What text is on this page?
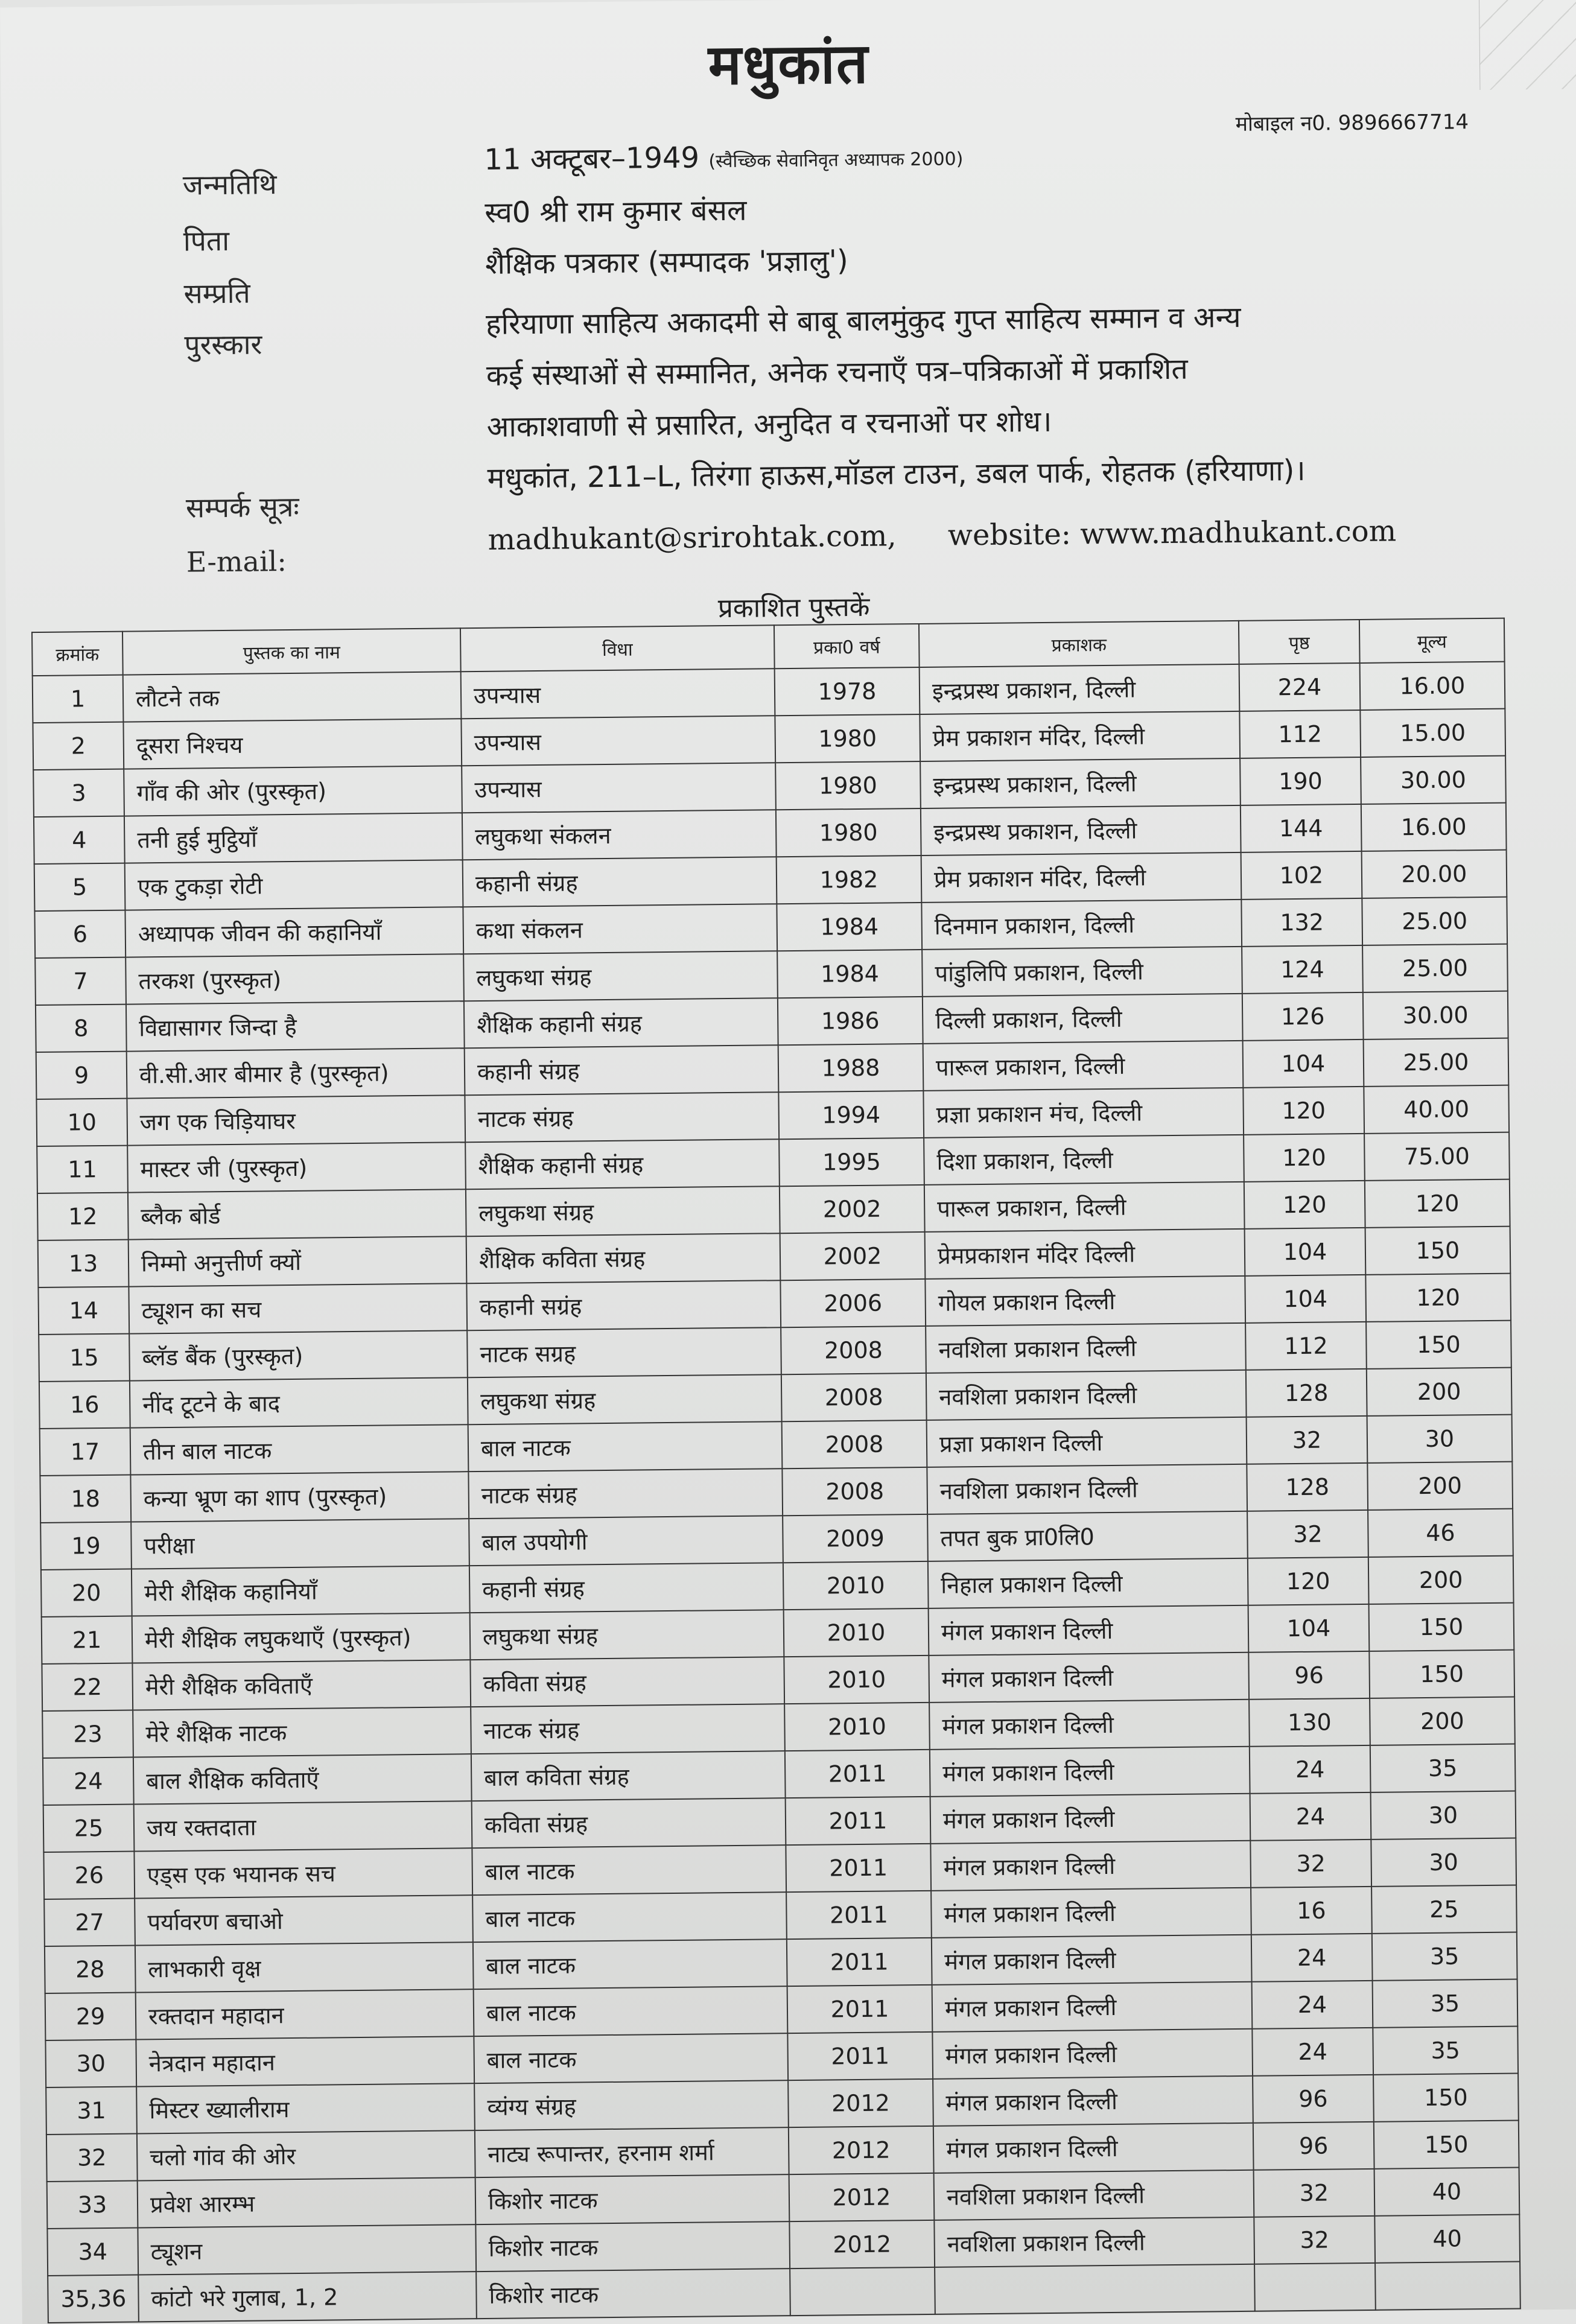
मधुकांत
मोबाइल न0. 9896667714
जन्मतिथि
11 अक्टूबर–1949 (स्वैच्छिक सेवानिवृत अध्यापक 2000)
पिता
स्व0 श्री राम कुमार बंसल
सम्प्रति
शैक्षिक पत्रकार (सम्पादक 'प्रज्ञालु')
पुरस्कार
हरियाणा साहित्य अकादमी से बाबू बालमुंकुद गुप्त साहित्य सम्मान व अन्य
कई संस्थाओं से सम्मानित, अनेक रचनाएँ पत्र–पत्रिकाओं में प्रकाशित
आकाशवाणी से प्रसारित, अनुदित व रचनाओं पर शोध।
सम्पर्क सूत्रः
मधुकांत, 211–L, तिरंगा हाऊस,मॉडल टाउन, डबल पार्क, रोहतक (हरियाणा)।
E-mail:
madhukant@srirohtak.com, website: www.madhukant.com
प्रकाशित पुस्तकें
क्रमांक	पुस्तक का नाम	विधा	प्रका0 वर्ष	प्रकाशक	पृष्ठ	मूल्य
1	लौटने तक	उपन्यास	1978	इन्द्रप्रस्थ प्रकाशन, दिल्ली	224	16.00
2	दूसरा निश्चय	उपन्यास	1980	प्रेम प्रकाशन मंदिर, दिल्ली	112	15.00
3	गाँव की ओर (पुरस्कृत)	उपन्यास	1980	इन्द्रप्रस्थ प्रकाशन, दिल्ली	190	30.00
4	तनी हुई मुट्ठियाँ	लघुकथा संकलन	1980	इन्द्रप्रस्थ प्रकाशन, दिल्ली	144	16.00
5	एक टुकड़ा रोटी	कहानी संग्रह	1982	प्रेम प्रकाशन मंदिर, दिल्ली	102	20.00
6	अध्यापक जीवन की कहानियाँ	कथा संकलन	1984	दिनमान प्रकाशन, दिल्ली	132	25.00
7	तरकश (पुरस्कृत)	लघुकथा संग्रह	1984	पांडुलिपि प्रकाशन, दिल्ली	124	25.00
8	विद्यासागर जिन्दा है	शैक्षिक कहानी संग्रह	1986	दिल्ली प्रकाशन, दिल्ली	126	30.00
9	वी.सी.आर बीमार है (पुरस्कृत)	कहानी संग्रह	1988	पारूल प्रकाशन, दिल्ली	104	25.00
10	जग एक चिड़ियाघर	नाटक संग्रह	1994	प्रज्ञा प्रकाशन मंच, दिल्ली	120	40.00
11	मास्टर जी (पुरस्कृत)	शैक्षिक कहानी संग्रह	1995	दिशा प्रकाशन, दिल्ली	120	75.00
12	ब्लैक बोर्ड	लघुकथा संग्रह	2002	पारूल प्रकाशन, दिल्ली	120	120
13	निम्मो अनुत्तीर्ण क्यों	शैक्षिक कविता संग्रह	2002	प्रेमप्रकाशन मंदिर दिल्ली	104	150
14	ट्यूशन का सच	कहानी सग्रंह	2006	गोयल प्रकाशन दिल्ली	104	120
15	ब्लॅड बैंक (पुरस्कृत)	नाटक सग्रह	2008	नवशिला प्रकाशन दिल्ली	112	150
16	नींद टूटने के बाद	लघुकथा संग्रह	2008	नवशिला प्रकाशन दिल्ली	128	200
17	तीन बाल नाटक	बाल नाटक	2008	प्रज्ञा प्रकाशन दिल्ली	32	30
18	कन्या भ्रूण का शाप (पुरस्कृत)	नाटक संग्रह	2008	नवशिला प्रकाशन दिल्ली	128	200
19	परीक्षा	बाल उपयोगी	2009	तपत बुक प्रा0लि0	32	46
20	मेरी शैक्षिक कहानियाँ	कहानी संग्रह	2010	निहाल प्रकाशन दिल्ली	120	200
21	मेरी शैक्षिक लघुकथाएँ (पुरस्कृत)	लघुकथा संग्रह	2010	मंगल प्रकाशन दिल्ली	104	150
22	मेरी शैक्षिक कविताएँ	कविता संग्रह	2010	मंगल प्रकाशन दिल्ली	96	150
23	मेरे शैक्षिक नाटक	नाटक संग्रह	2010	मंगल प्रकाशन दिल्ली	130	200
24	बाल शैक्षिक कविताएँ	बाल कविता संग्रह	2011	मंगल प्रकाशन दिल्ली	24	35
25	जय रक्तदाता	कविता संग्रह	2011	मंगल प्रकाशन दिल्ली	24	30
26	एड्स एक भयानक सच	बाल नाटक	2011	मंगल प्रकाशन दिल्ली	32	30
27	पर्यावरण बचाओ	बाल नाटक	2011	मंगल प्रकाशन दिल्ली	16	25
28	लाभकारी वृक्ष	बाल नाटक	2011	मंगल प्रकाशन दिल्ली	24	35
29	रक्तदान महादान	बाल नाटक	2011	मंगल प्रकाशन दिल्ली	24	35
30	नेत्रदान महादान	बाल नाटक	2011	मंगल प्रकाशन दिल्ली	24	35
31	मिस्टर ख्यालीराम	व्यंग्य संग्रह	2012	मंगल प्रकाशन दिल्ली	96	150
32	चलो गांव की ओर	नाट्य रूपान्तर, हरनाम शर्मा	2012	मंगल प्रकाशन दिल्ली	96	150
33	प्रवेश आरम्भ	किशोर नाटक	2012	नवशिला प्रकाशन दिल्ली	32	40
34	ट्यूशन	किशोर नाटक	2012	नवशिला प्रकाशन दिल्ली	32	40
35,36	कांटो भरे गुलाब, 1, 2	किशोर नाटक				
